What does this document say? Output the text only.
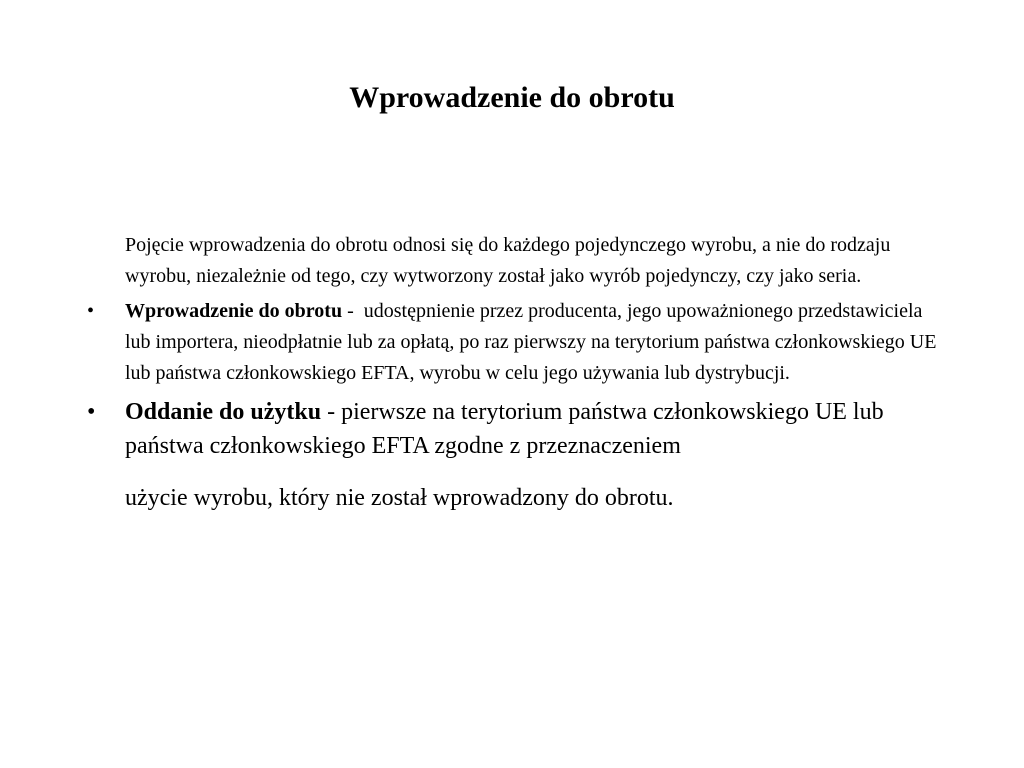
Wprowadzenie do obrotu

Pojęcie wprowadzenia do obrotu odnosi się do każdego pojedynczego wyrobu, a nie do rodzaju wyrobu, niezależnie od tego, czy wytworzony został jako wyrób pojedynczy, czy jako seria.

• Wprowadzenie do obrotu -  udostępnienie przez producenta, jego upoważnionego przedstawiciela lub importera, nieodpłatnie lub za opłatą, po raz pierwszy na terytorium państwa członkowskiego UE lub państwa członkowskiego EFTA, wyrobu w celu jego używania lub dystrybucji.

• Oddanie do użytku - pierwsze na terytorium państwa członkowskiego UE lub państwa członkowskiego EFTA zgodne z przeznaczeniem
użycie wyrobu, który nie został wprowadzony do obrotu.
